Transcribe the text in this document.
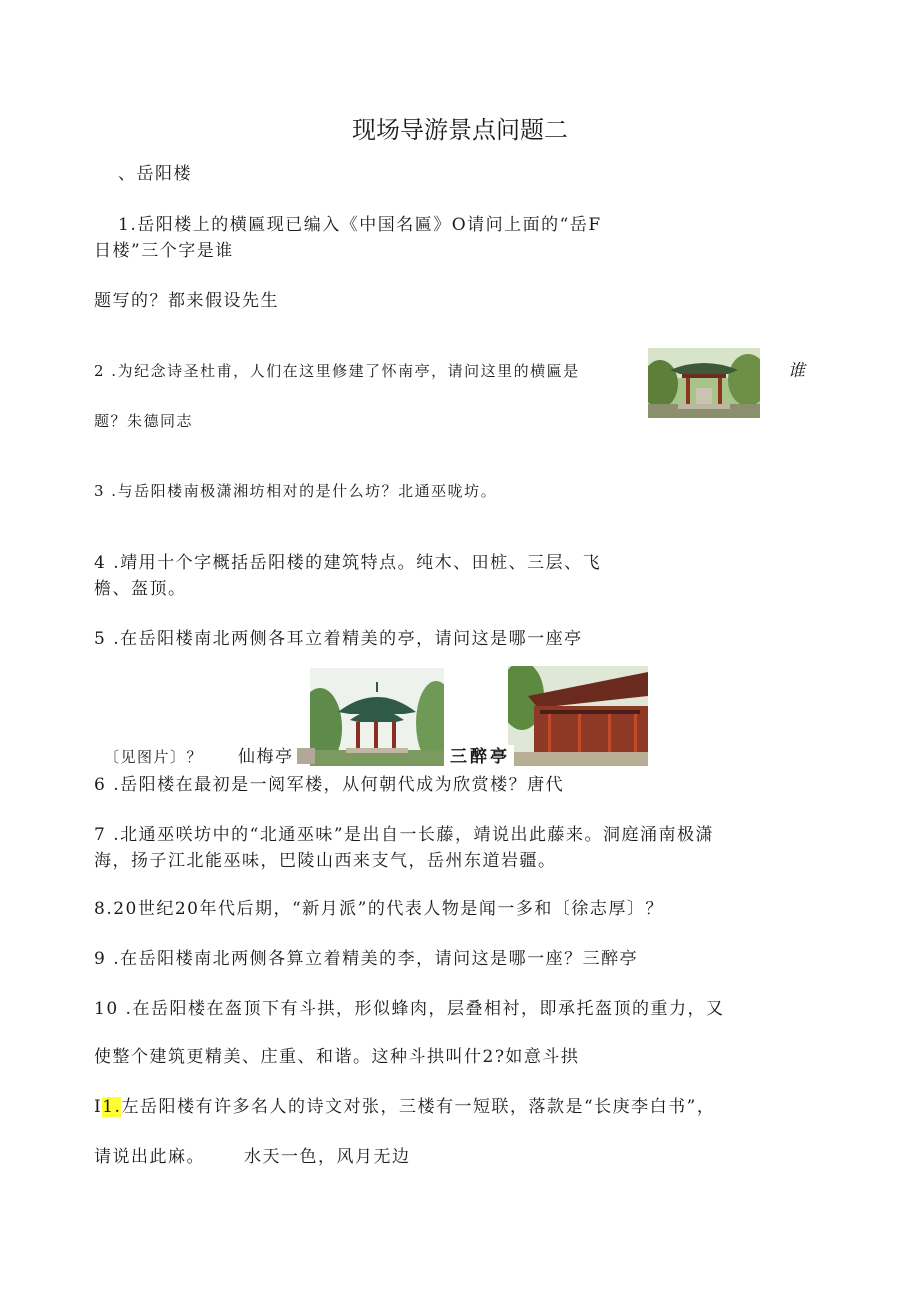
现场导游景点问题二
、岳阳楼
1.岳阳楼上的横匾现已编入《中国名匾》O请问上面的“岳F
日楼”三个字是谁
题写的？都来假设先生
2 .为纪念诗圣杜甫，人们在这里修建了怀南亭，请问这里的横匾是	谁
题？朱德同志
3 .与岳阳楼南极潇湘坊相对的是什么坊？北通巫咙坊。
4 .靖用十个字概括岳阳楼的建筑特点。纯木、田桩、三层、飞
檐、盔顶。
5 .在岳阳楼南北两侧各耳立着精美的亭，请问这是哪一座亭
〔见图片〕？ 仙梅亭	三醉亭
6 .岳阳楼在最初是一阅军楼，从何朝代成为欣赏楼？唐代
7 .北通巫咲坊中的“北通巫味”是出自一长藤，靖说出此藤来。洞庭涌南极潇
海，扬子江北能巫味，巴陵山西来支气，岳州东道岩疆。
8.20世纪20年代后期，“新月派”的代表人物是闻一多和〔徐志厚〕？
9 .在岳阳楼南北两侧各算立着精美的李，请问这是哪一座？三醉亭
10 .在岳阳楼在盔顶下有斗拱，形似蜂肉，层叠相衬，即承托盔顶的重力，又
使整个建筑更精美、庄重、和谐。这种斗拱叫什2?如意斗拱
I1.左岳阳楼有许多名人的诗文对张，三楼有一短联，落款是“长庚李白书”，
请说出此麻。 水天一色，风月无边
